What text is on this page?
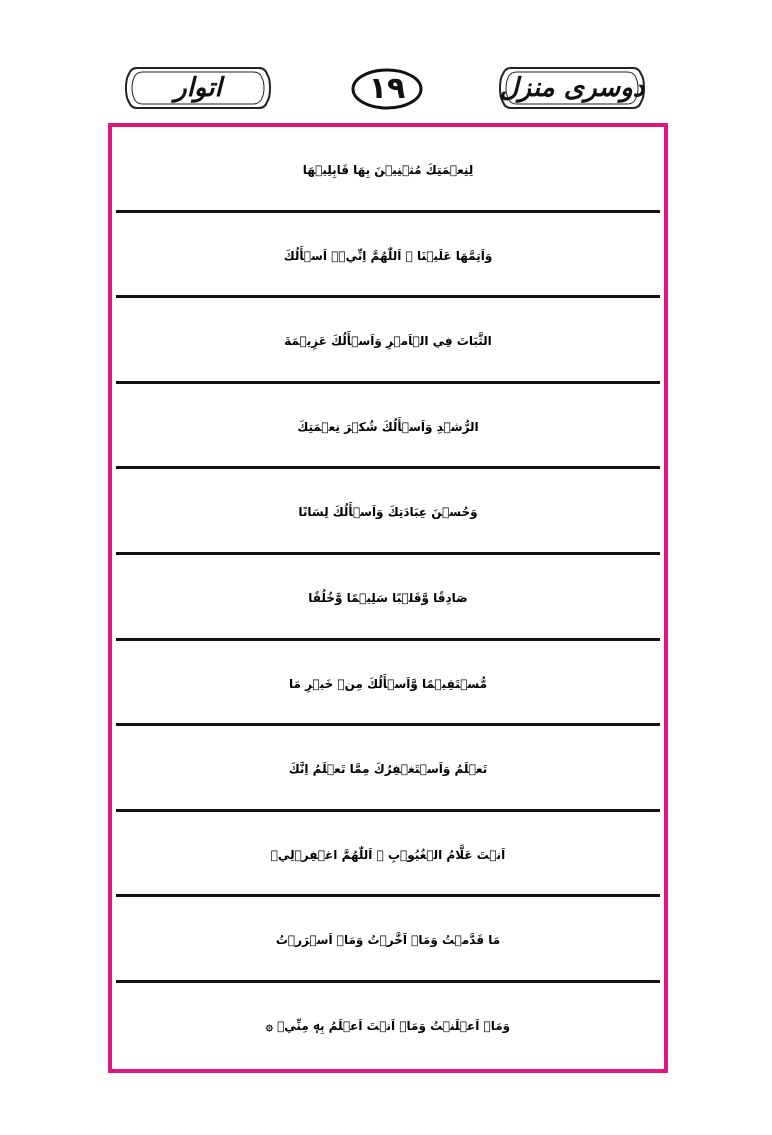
اتوار	۱۹	دوسری منزل
لِنِعۡمَتِكَ مُثۡنِيۡنَ بِهَا قَابِلِيۡهَا
وَاَتِمَّهَا عَلَيۡنَا ۞ اَللّٰهُمَّ اِنِّيۡۤ اَسۡأَلُكَ
الثَّبَاتَ فِي الۡاَمۡرِ وَاَسۡأَلُكَ عَزِيۡمَةَ
الرُّشۡدِ وَاَسۡأَلُكَ شُكۡرَ نِعۡمَتِكَ
وَحُسۡنَ عِبَادَتِكَ وَاَسۡأَلُكَ لِسَانًا
صَادِقًا وَّقَلۡبًا سَلِيۡمًا وَّخُلُقًا
مُّسۡتَقِيۡمًا وَّاَسۡأَلُكَ مِنۡ خَيۡرِ مَا
تَعۡلَمُ وَاَسۡتَغۡفِرُكَ مِمَّا تَعۡلَمُ اِنَّكَ
اَنۡتَ عَلَّامُ الۡغُيُوۡبِ ۞ اَللّٰهُمَّ اغۡفِرۡلِيۡ
مَا قَدَّمۡتُ وَمَاۤ اَخَّرۡتُ وَمَاۤ اَسۡرَرۡتُ
وَمَاۤ اَعۡلَنۡتُ وَمَاۤ اَنۡتَ اَعۡلَمُ بِهٖ مِنِّيۡ ۞
